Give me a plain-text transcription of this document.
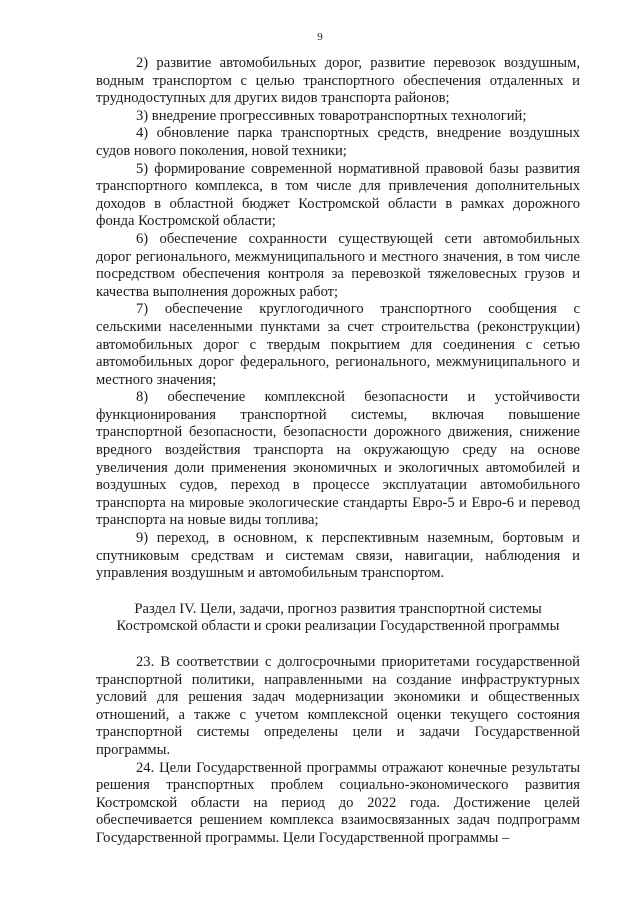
9

2) развитие автомобильных дорог, развитие перевозок воздушным, водным транспортом с целью транспортного обеспечения отдаленных и труднодоступных для других видов транспорта районов;

3) внедрение прогрессивных товаротранспортных технологий;

4) обновление парка транспортных средств, внедрение воздушных судов нового поколения, новой техники;

5) формирование современной нормативной правовой базы развития транспортного комплекса, в том числе для привлечения дополнительных доходов в областной бюджет Костромской области в рамках дорожного фонда Костромской области;

6) обеспечение сохранности существующей сети автомобильных дорог регионального, межмуниципального и местного значения, в том числе посредством обеспечения контроля за перевозкой тяжеловесных грузов и качества выполнения дорожных работ;

7) обеспечение круглогодичного транспортного сообщения с сельскими населенными пунктами за счет строительства (реконструкции) автомобильных дорог с твердым покрытием для соединения с сетью автомобильных дорог федерального, регионального, межмуниципального и местного значения;

8) обеспечение комплексной безопасности и устойчивости функционирования транспортной системы, включая повышение транспортной безопасности, безопасности дорожного движения, снижение вредного воздействия транспорта на окружающую среду на основе увеличения доли применения экономичных и экологичных автомобилей и воздушных судов, переход в процессе эксплуатации автомобильного транспорта на мировые экологические стандарты Евро-5 и Евро-6 и перевод транспорта на новые виды топлива;

9) переход, в основном, к перспективным наземным, бортовым и спутниковым средствам и системам связи, навигации, наблюдения и управления воздушным и автомобильным транспортом.

Раздел IV. Цели, задачи, прогноз развития транспортной системы

Костромской области и сроки реализации Государственной программы

23. В соответствии с долгосрочными приоритетами государственной транспортной политики, направленными на создание инфраструктурных условий для решения задач модернизации экономики и общественных отношений, а также с учетом комплексной оценки текущего состояния транспортной системы определены цели и задачи Государственной программы.

24. Цели Государственной программы отражают конечные результаты решения транспортных проблем социально-экономического развития Костромской области на период до 2022 года. Достижение целей обеспечивается решением комплекса взаимосвязанных задач подпрограмм Государственной программы. Цели Государственной программы –
